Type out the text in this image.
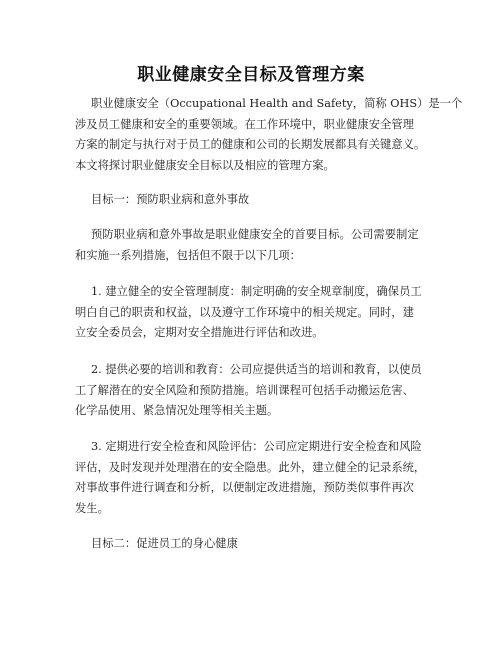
职业健康安全目标及管理方案
职业健康安全（Occupational Health and Safety，简称 OHS）是一个
涉及员工健康和安全的重要领域。在工作环境中，职业健康安全管理
方案的制定与执行对于员工的健康和公司的长期发展都具有关键意义。
本文将探讨职业健康安全目标以及相应的管理方案。
目标一：预防职业病和意外事故
预防职业病和意外事故是职业健康安全的首要目标。公司需要制定
和实施一系列措施，包括但不限于以下几项：
1. 建立健全的安全管理制度：制定明确的安全规章制度，确保员工
明白自己的职责和权益，以及遵守工作环境中的相关规定。同时，建
立安全委员会，定期对安全措施进行评估和改进。
2. 提供必要的培训和教育：公司应提供适当的培训和教育，以使员
工了解潜在的安全风险和预防措施。培训课程可包括手动搬运危害、
化学品使用、紧急情况处理等相关主题。
3. 定期进行安全检查和风险评估：公司应定期进行安全检查和风险
评估，及时发现并处理潜在的安全隐患。此外，建立健全的记录系统，
对事故事件进行调查和分析，以便制定改进措施，预防类似事件再次
发生。
目标二：促进员工的身心健康
